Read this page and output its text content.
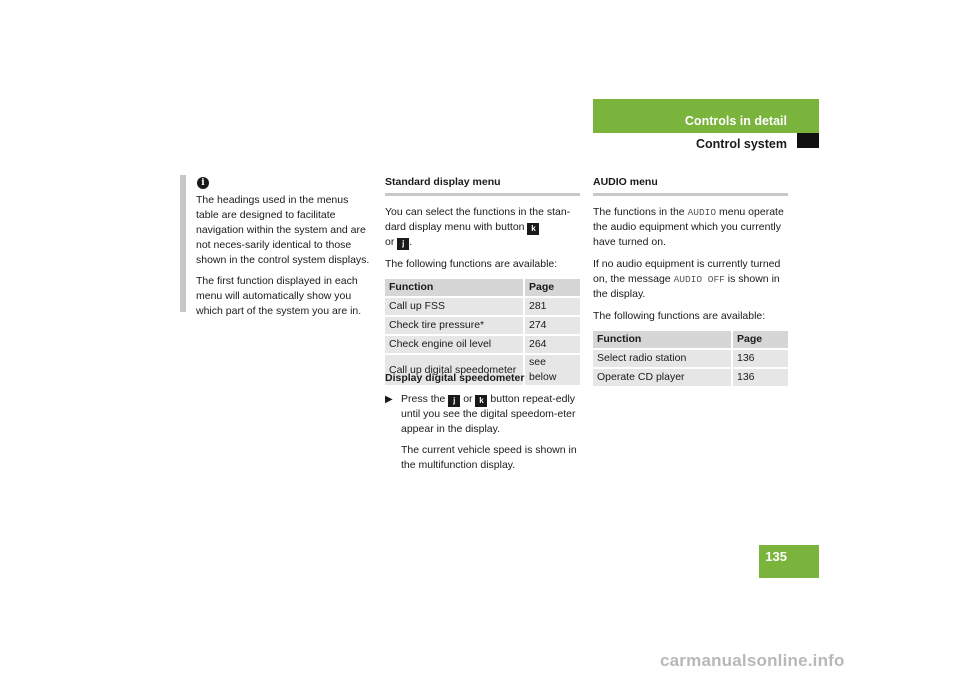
Controls in detail
Control system
i

The headings used in the menus table are designed to facilitate navigation within the system and are not neces-sarily identical to those shown in the control system displays.

The first function displayed in each menu will automatically show you which part of the system you are in.

Standard display menu

You can select the functions in the stan-dard display menu with button k
or j .

The following functions are available:

Function	Page
Call up FSS	281
Check tire pressure*	274
Check engine oil level	264
Call up digital speedometer	see below

Display digital speedometer

▶ Press the j or k button repeat-edly until you see the digital speedom-eter appear in the display.

The current vehicle speed is shown in the multifunction display.

AUDIO menu

The functions in the AUDIO menu operate the audio equipment which you currently have turned on.

If no audio equipment is currently turned on, the message AUDIO OFF is shown in the display.

The following functions are available:

Function	Page
Select radio station	136
Operate CD player	136
135
carmanualsonline.info
